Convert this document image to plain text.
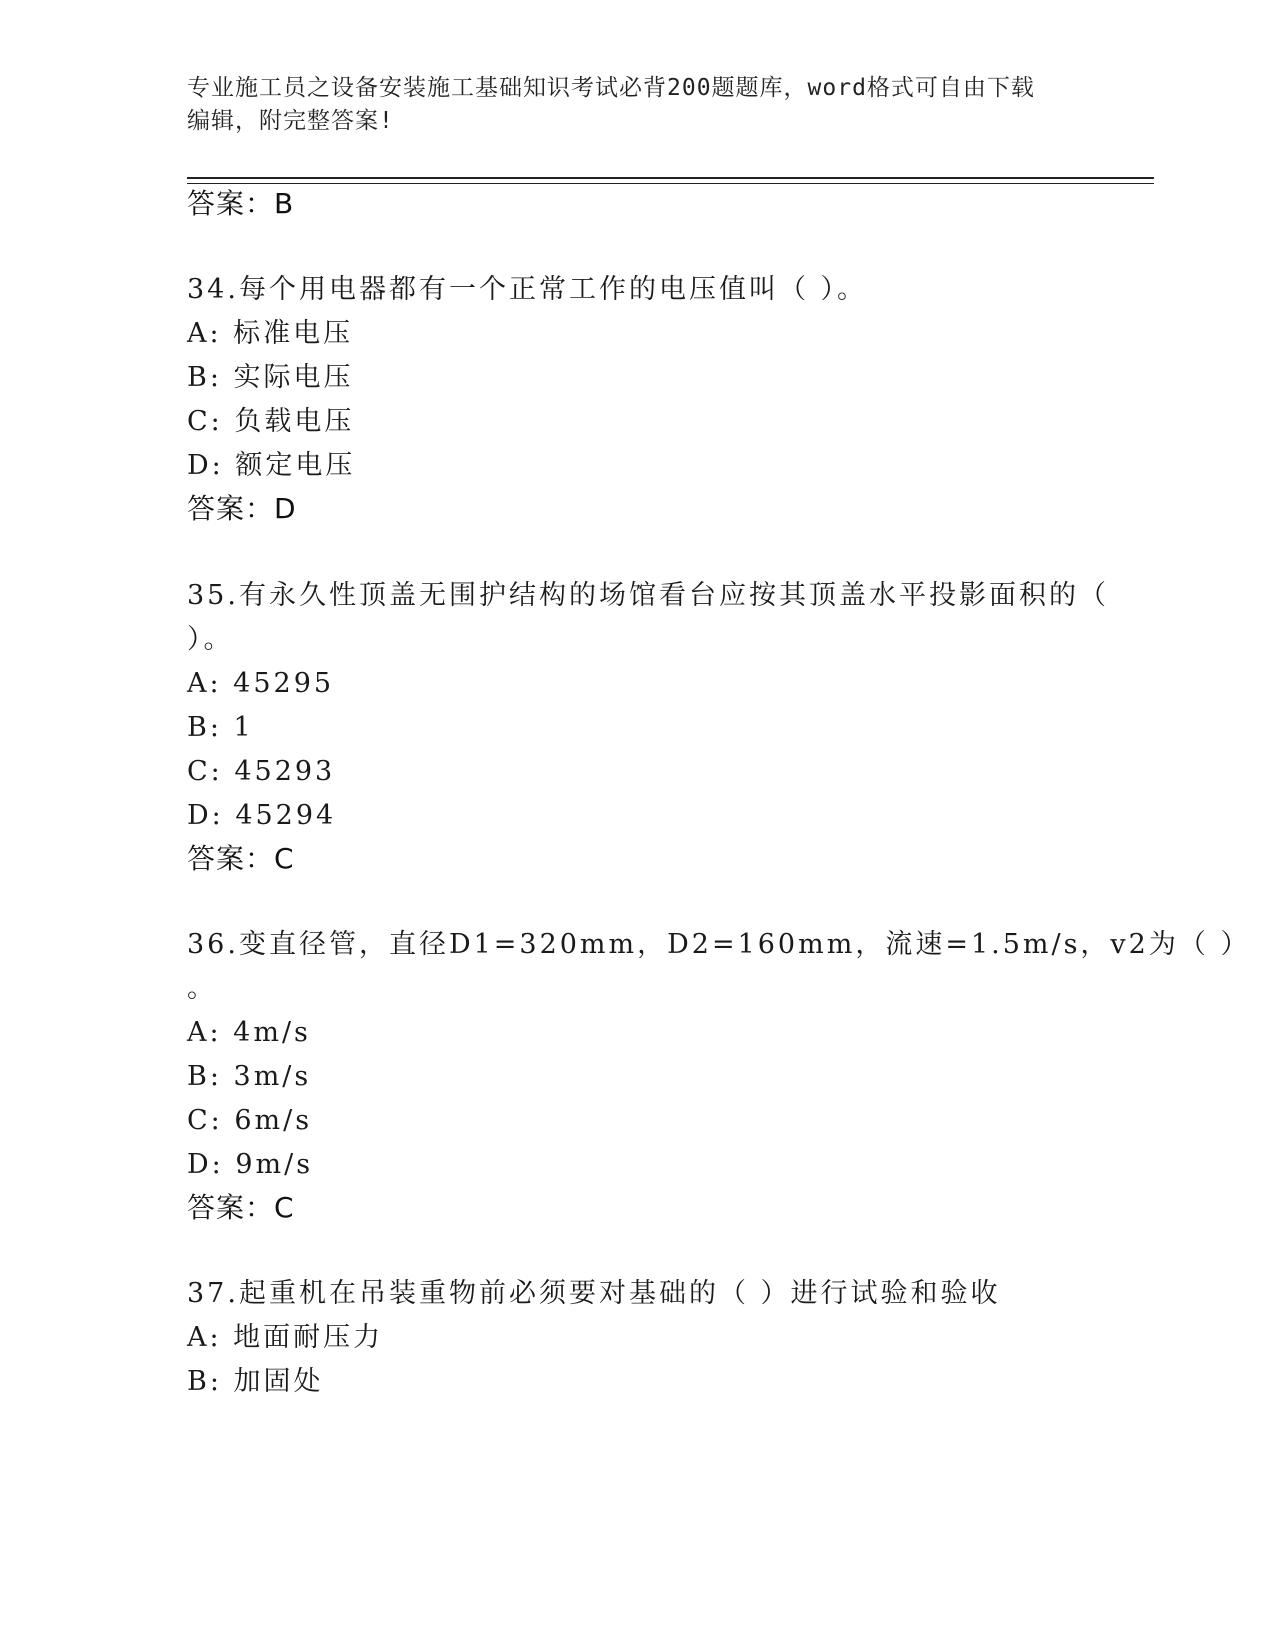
专业施工员之设备安装施工基础知识考试必背200题题库，word格式可自由下载
编辑，附完整答案!
答案：B
34.每个用电器都有一个正常工作的电压值叫（ ）。
A: 标准电压
B: 实际电压
C: 负载电压
D: 额定电压
答案：D
35.有永久性顶盖无围护结构的场馆看台应按其顶盖水平投影面积的（
）。
A: 45295
B: 1
C: 45293
D: 45294
答案：C
36.变直径管，直径D1=320mm，D2=160mm，流速=1.5m/s，v2为（ ）
。
A: 4m/s
B: 3m/s
C: 6m/s
D: 9m/s
答案：C
37.起重机在吊装重物前必须要对基础的（ ）进行试验和验收
A: 地面耐压力
B: 加固处
